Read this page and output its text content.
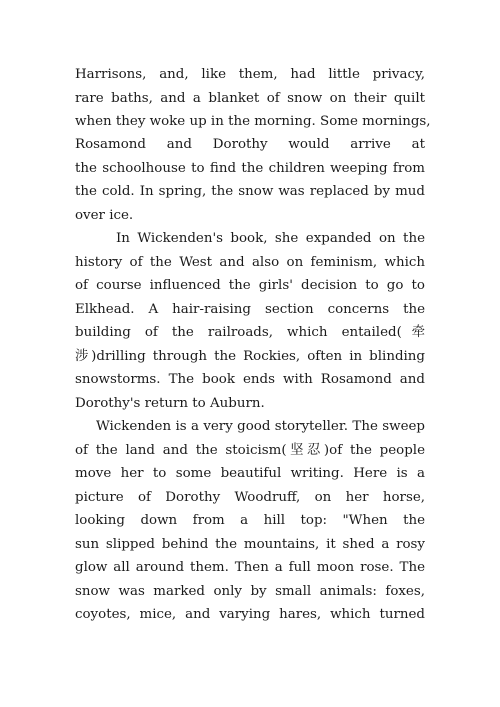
Harrisons, and, like them, had little privacy,
rare baths, and a blanket of snow on their quilt
when they woke up in the morning. Some mornings,
Rosamond and Dorothy would arrive at
the schoolhouse to find the children weeping from
the cold. In spring, the snow was replaced by mud
over ice.
In Wickenden's book, she expanded on the
history of the West and also on feminism, which
of course influenced the girls' decision to go to
Elkhead. A hair-raising section concerns the
building of the railroads, which entailed(牵
涉)drilling through the Rockies, often in blinding
snowstorms. The book ends with Rosamond and
Dorothy's return to Auburn.
Wickenden is a very good storyteller. The sweep
of the land and the stoicism(坚忍)of the people
move her to some beautiful writing. Here is a
picture of Dorothy Woodruff, on her horse,
looking down from a hill top: "When the
sun slipped behind the mountains, it shed a rosy
glow all around them. Then a full moon rose. The
snow was marked only by small animals: foxes,
coyotes, mice, and varying hares, which turned
